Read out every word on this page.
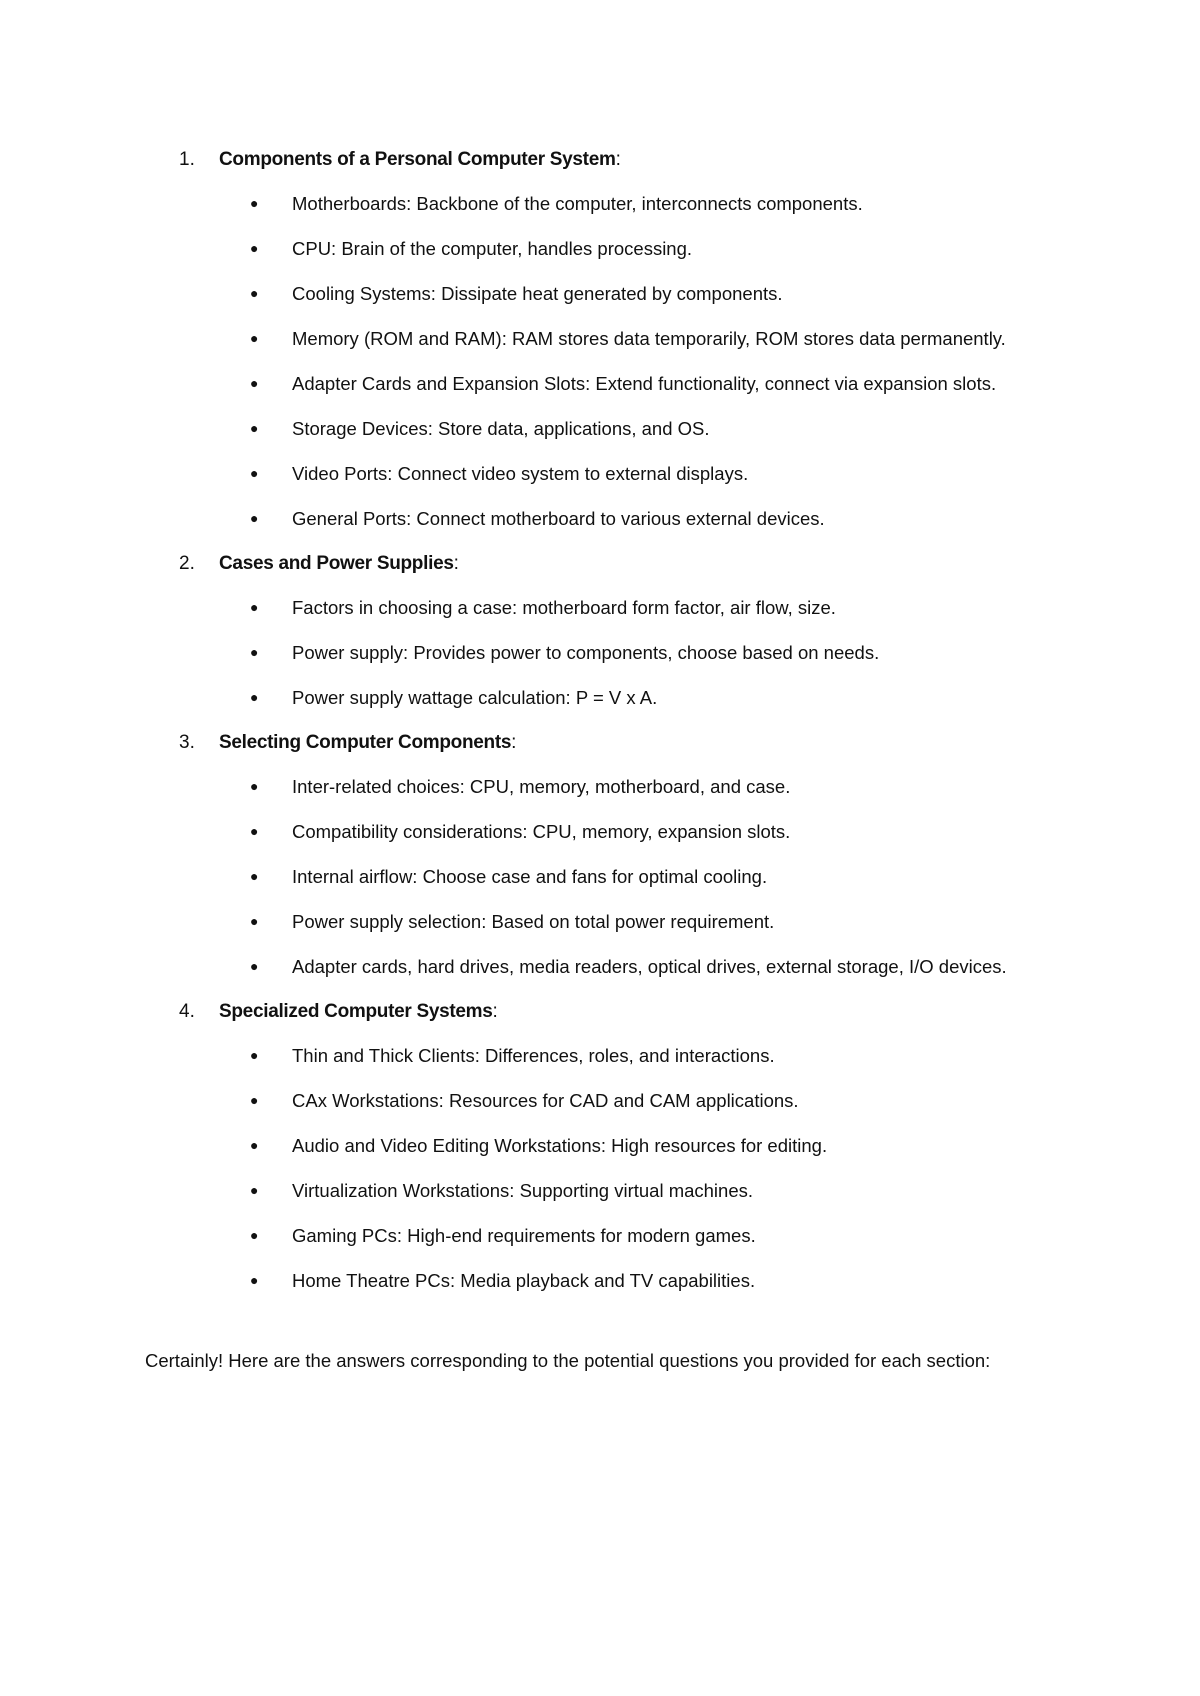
1.	Components of a Personal Computer System :
●	Motherboards: Backbone of the computer, interconnects components.
●	CPU: Brain of the computer, handles processing.
●	Cooling Systems: Dissipate heat generated by components.
●	Memory (ROM and RAM): RAM stores data temporarily, ROM stores data permanently.
●	Adapter Cards and Expansion Slots: Extend functionality, connect via expansion slots.
●	Storage Devices: Store data, applications, and OS.
●	Video Ports: Connect video system to external displays.
●	General Ports: Connect motherboard to various external devices.
2.	Cases and Power Supplies :
●	Factors in choosing a case: motherboard form factor, air flow, size.
●	Power supply: Provides power to components, choose based on needs.
●	Power supply wattage calculation: P = V x A.
3.	Selecting Computer Components :
●	Inter-related choices: CPU, memory, motherboard, and case.
●	Compatibility considerations: CPU, memory, expansion slots.
●	Internal airflow: Choose case and fans for optimal cooling.
●	Power supply selection: Based on total power requirement.
●	Adapter cards, hard drives, media readers, optical drives, external storage, I/O devices.
4.	Specialized Computer Systems :
●	Thin and Thick Clients: Differences, roles, and interactions.
●	CAx Workstations: Resources for CAD and CAM applications.
●	Audio and Video Editing Workstations: High resources for editing.
●	Virtualization Workstations: Supporting virtual machines.
●	Gaming PCs: High-end requirements for modern games.
●	Home Theatre PCs: Media playback and TV capabilities.

Certainly! Here are the answers corresponding to the potential questions you provided for each section:
